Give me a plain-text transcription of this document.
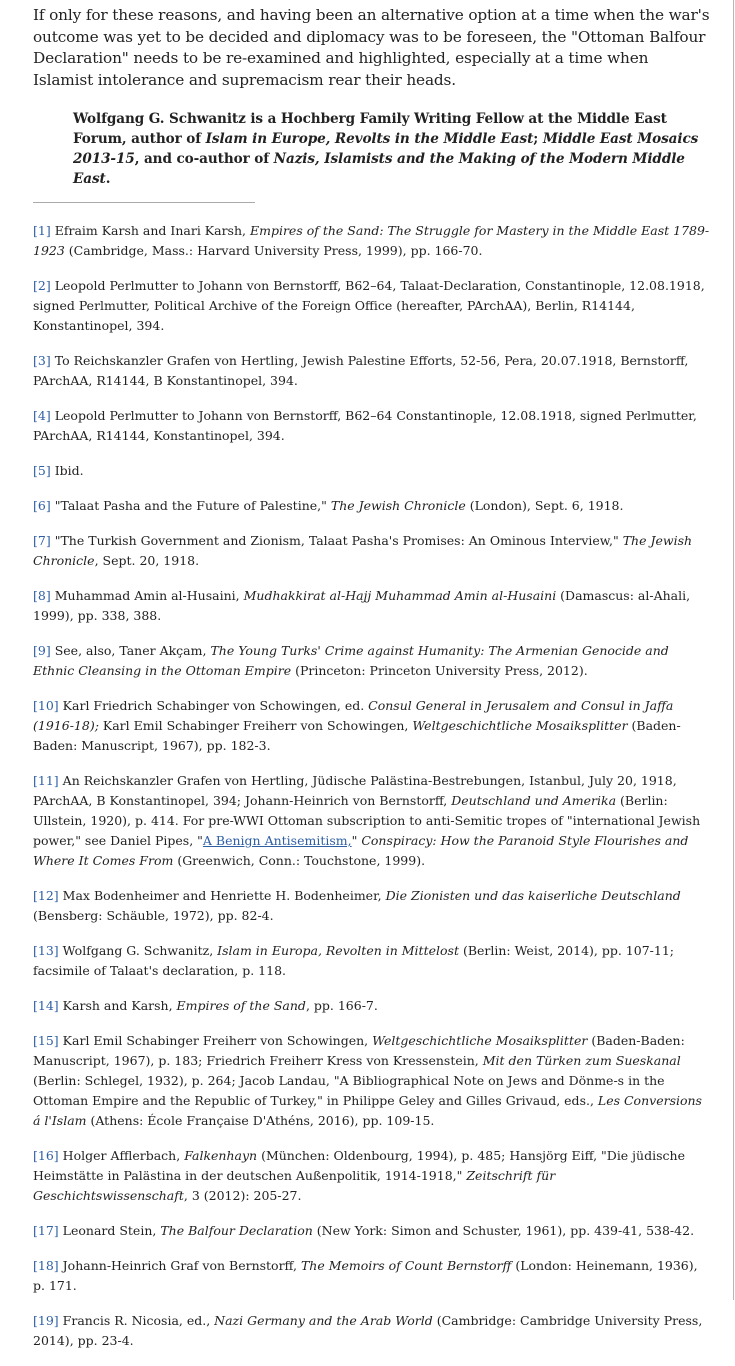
If only for these reasons, and having been an alternative option at a time when the war's outcome was yet to be decided and diplomacy was to be foreseen, the "Ottoman Balfour Declaration" needs to be re-examined and highlighted, especially at a time when Islamist intolerance and supremacism rear their heads.

Wolfgang G. Schwanitz is a Hochberg Family Writing Fellow at the Middle East Forum, author of Islam in Europe, Revolts in the Middle East; Middle East Mosaics 2013-15, and co-author of Nazis, Islamists and the Making of the Modern Middle East.

[1] Efraim Karsh and Inari Karsh, Empires of the Sand: The Struggle for Mastery in the Middle East 1789-1923 (Cambridge, Mass.: Harvard University Press, 1999), pp. 166-70.
[2] Leopold Perlmutter to Johann von Bernstorff, B62–64, Talaat-Declaration, Constantinople, 12.08.1918, signed Perlmutter, Political Archive of the Foreign Office (hereafter, PArchAA), Berlin, R14144, Konstantinopel, 394.
[3] To Reichskanzler Grafen von Hertling, Jewish Palestine Efforts, 52-56, Pera, 20.07.1918, Bernstorff, PArchAA, R14144, B Konstantinopel, 394.
[4] Leopold Perlmutter to Johann von Bernstorff, B62–64 Constantinople, 12.08.1918, signed Perlmutter, PArchAA, R14144, Konstantinopel, 394.
[5] Ibid.
[6] "Talaat Pasha and the Future of Palestine," The Jewish Chronicle (London), Sept. 6, 1918.
[7] "The Turkish Government and Zionism, Talaat Pasha's Promises: An Ominous Interview," The Jewish Chronicle, Sept. 20, 1918.
[8] Muhammad Amin al-Husaini, Mudhakkirat al-Hajj Muhammad Amin al-Husaini (Damascus: al-Ahali, 1999), pp. 338, 388.
[9] See, also, Taner Akçam, The Young Turks' Crime against Humanity: The Armenian Genocide and Ethnic Cleansing in the Ottoman Empire (Princeton: Princeton University Press, 2012).
[10] Karl Friedrich Schabinger von Schowingen, ed. Consul General in Jerusalem and Consul in Jaffa (1916-18); Karl Emil Schabinger Freiherr von Schowingen, Weltgeschichtliche Mosaiksplitter (Baden-Baden: Manuscript, 1967), pp. 182-3.
[11] An Reichskanzler Grafen von Hertling, Jüdische Palästina-Bestrebungen, Istanbul, July 20, 1918, PArchAA, B Konstantinopel, 394; Johann-Heinrich von Bernstorff, Deutschland und Amerika (Berlin: Ullstein, 1920), p. 414. For pre-WWI Ottoman subscription to anti-Semitic tropes of "international Jewish power," see Daniel Pipes, "A Benign Antisemitism," Conspiracy: How the Paranoid Style Flourishes and Where It Comes From (Greenwich, Conn.: Touchstone, 1999).
[12] Max Bodenheimer and Henriette H. Bodenheimer, Die Zionisten und das kaiserliche Deutschland (Bensberg: Schäuble, 1972), pp. 82-4.
[13] Wolfgang G. Schwanitz, Islam in Europa, Revolten in Mittelost (Berlin: Weist, 2014), pp. 107-11; facsimile of Talaat's declaration, p. 118.
[14] Karsh and Karsh, Empires of the Sand, pp. 166-7.
[15] Karl Emil Schabinger Freiherr von Schowingen, Weltgeschichtliche Mosaiksplitter (Baden-Baden: Manuscript, 1967), p. 183; Friedrich Freiherr Kress von Kressenstein, Mit den Türken zum Sueskanal (Berlin: Schlegel, 1932), p. 264; Jacob Landau, "A Bibliographical Note on Jews and Dönme-s in the Ottoman Empire and the Republic of Turkey," in Philippe Geley and Gilles Grivaud, eds., Les Conversions á l'Islam (Athens: École Française D'Athéns, 2016), pp. 109-15.
[16] Holger Afflerbach, Falkenhayn (München: Oldenbourg, 1994), p. 485; Hansjörg Eiff, "Die jüdische Heimstätte in Palästina in der deutschen Außenpolitik, 1914-1918," Zeitschrift für Geschichtswissenschaft, 3 (2012): 205-27.
[17] Leonard Stein, The Balfour Declaration (New York: Simon and Schuster, 1961), pp. 439-41, 538-42.
[18] Johann-Heinrich Graf von Bernstorff, The Memoirs of Count Bernstorff (London: Heinemann, 1936), p. 171.
[19] Francis R. Nicosia, ed., Nazi Germany and the Arab World (Cambridge: Cambridge University Press, 2014), pp. 23-4.
